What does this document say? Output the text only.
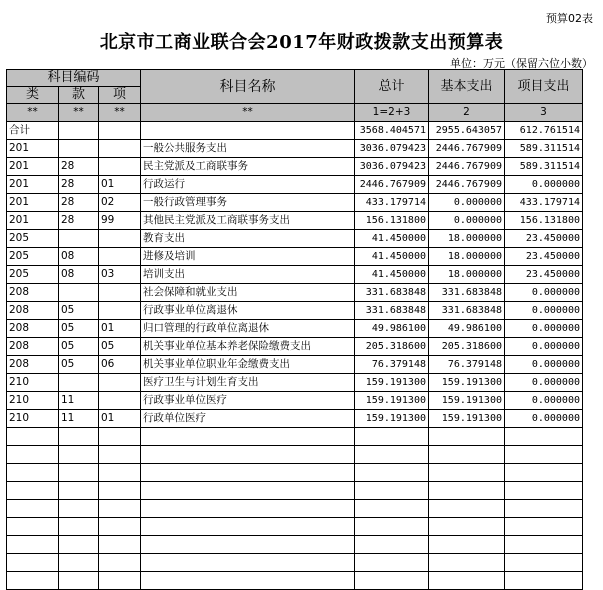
预算02表
北京市工商业联合会2017年财政拨款支出预算表
单位：万元（保留六位小数）
科目编码			科目名称	总计	基本支出	项目支出
类	款	项				
**	**	**	**	1=2+3	2	3
合计				3568.404571	2955.643057	612.761514
201			一般公共服务支出	3036.079423	2446.767909	589.311514
201	28		民主党派及工商联事务	3036.079423	2446.767909	589.311514
201	28	01	行政运行	2446.767909	2446.767909	0.000000
201	28	02	一般行政管理事务	433.179714	0.000000	433.179714
201	28	99	其他民主党派及工商联事务支出	156.131800	0.000000	156.131800
205			教育支出	41.450000	18.000000	23.450000
205	08		进修及培训	41.450000	18.000000	23.450000
205	08	03	培训支出	41.450000	18.000000	23.450000
208			社会保障和就业支出	331.683848	331.683848	0.000000
208	05		行政事业单位离退休	331.683848	331.683848	0.000000
208	05	01	归口管理的行政单位离退休	49.986100	49.986100	0.000000
208	05	05	机关事业单位基本养老保险缴费支出	205.318600	205.318600	0.000000
208	05	06	机关事业单位职业年金缴费支出	76.379148	76.379148	0.000000
210			医疗卫生与计划生育支出	159.191300	159.191300	0.000000
210	11		行政事业单位医疗	159.191300	159.191300	0.000000
210	11	01	行政单位医疗	159.191300	159.191300	0.000000
